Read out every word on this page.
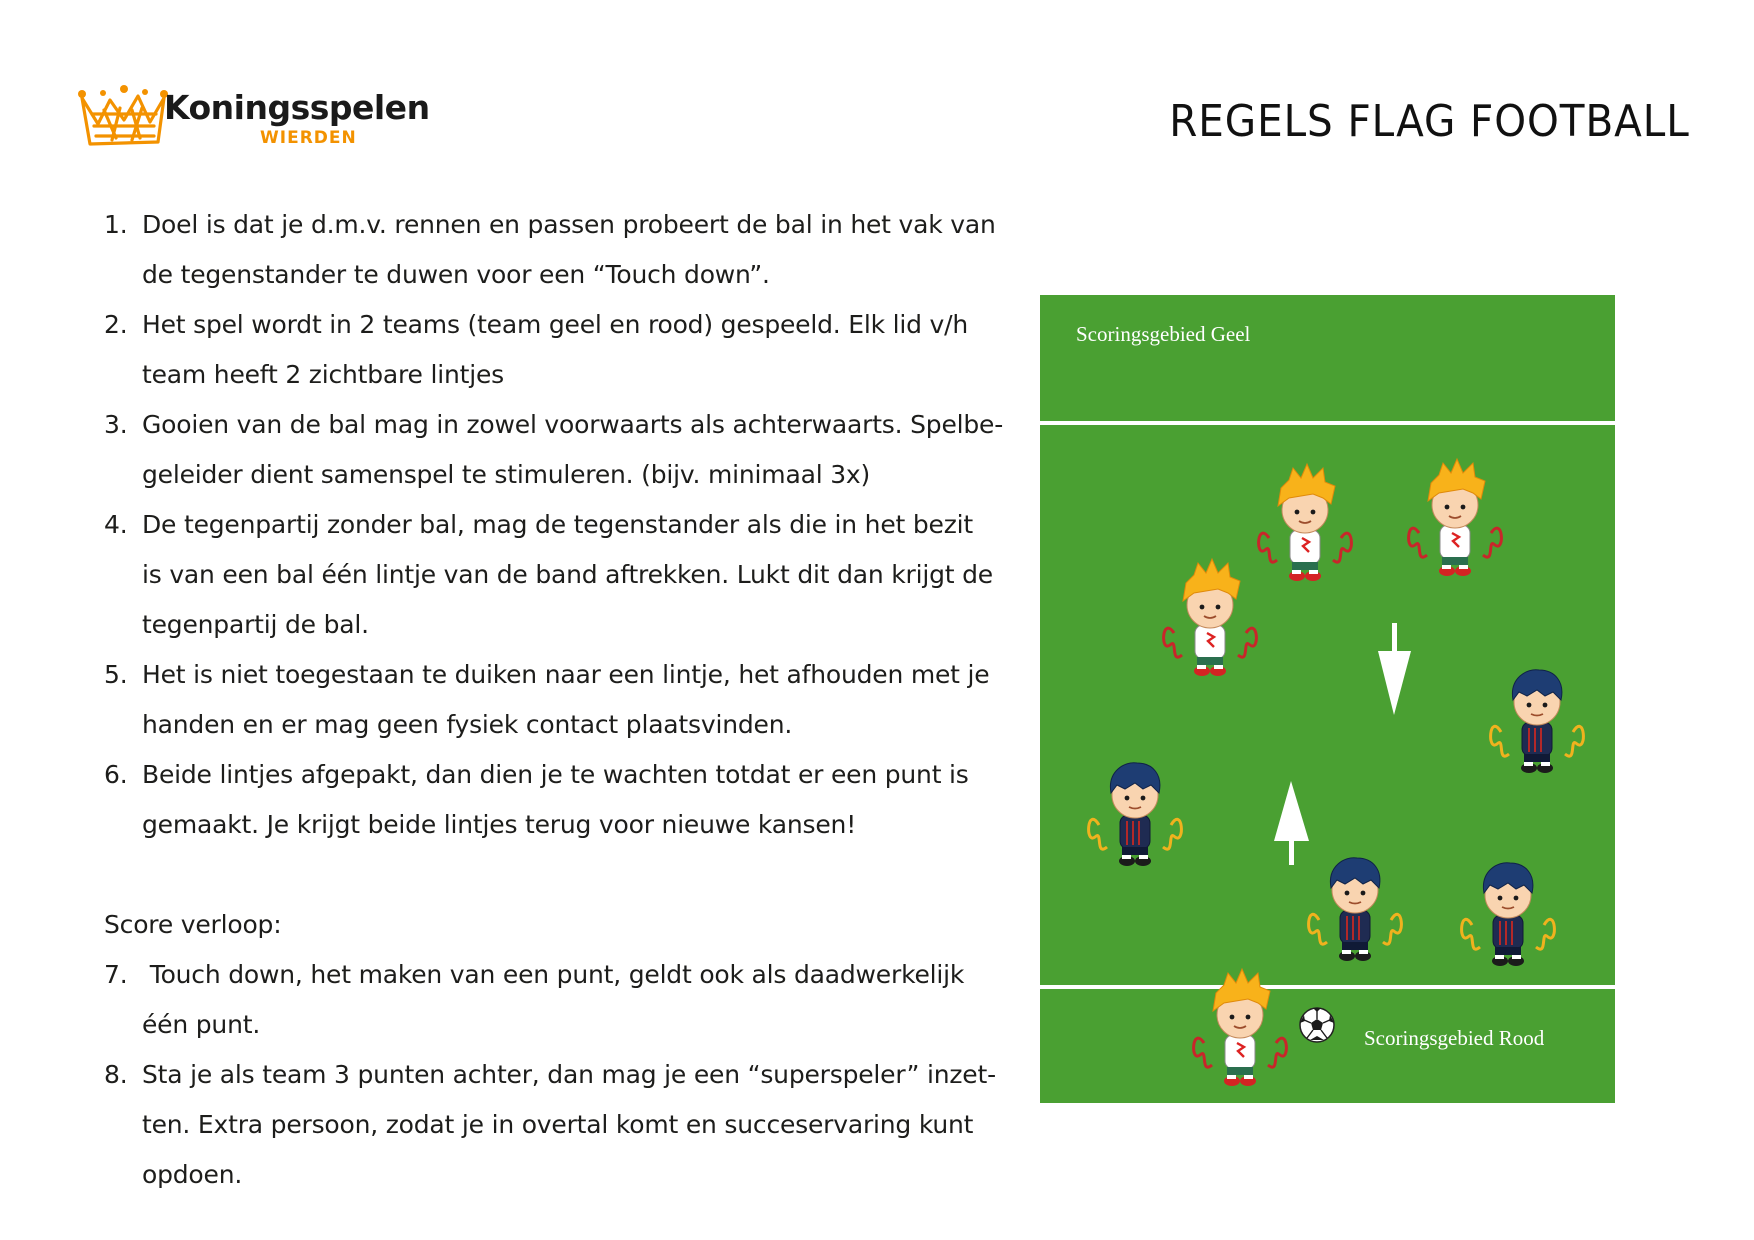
Koningsspelen
WIERDEN	REGELS FLAG FOOTBALL
1. Doel is dat je d.m.v. rennen en passen probeert de bal in het vak van
de tegenstander te duwen voor een “Touch down”.
2. Het spel wordt in 2 teams (team geel en rood) gespeeld. Elk lid v/h
team heeft 2 zichtbare lintjes
3. Gooien van de bal mag in zowel voorwaarts als achterwaarts. Spelbe-
geleider dient samenspel te stimuleren. (bijv. minimaal 3x)
4. De tegenpartij zonder bal, mag de tegenstander als die in het bezit
is van een bal één lintje van de band aftrekken. Lukt dit dan krijgt de
tegenpartij de bal.
5. Het is niet toegestaan te duiken naar een lintje, het afhouden met je
handen en er mag geen fysiek contact plaatsvinden.
6. Beide lintjes afgepakt, dan dien je te wachten totdat er een punt is
gemaakt. Je krijgt beide lintjes terug voor nieuwe kansen!
Score verloop:
7. Touch down, het maken van een punt, geldt ook als daadwerkelijk
één punt.
8. Sta je als team 3 punten achter, dan mag je een “superspeler” inzet-
ten. Extra persoon, zodat je in overtal komt en succeservaring kunt
opdoen.
Scoringsgebied Geel
Scoringsgebied Rood
